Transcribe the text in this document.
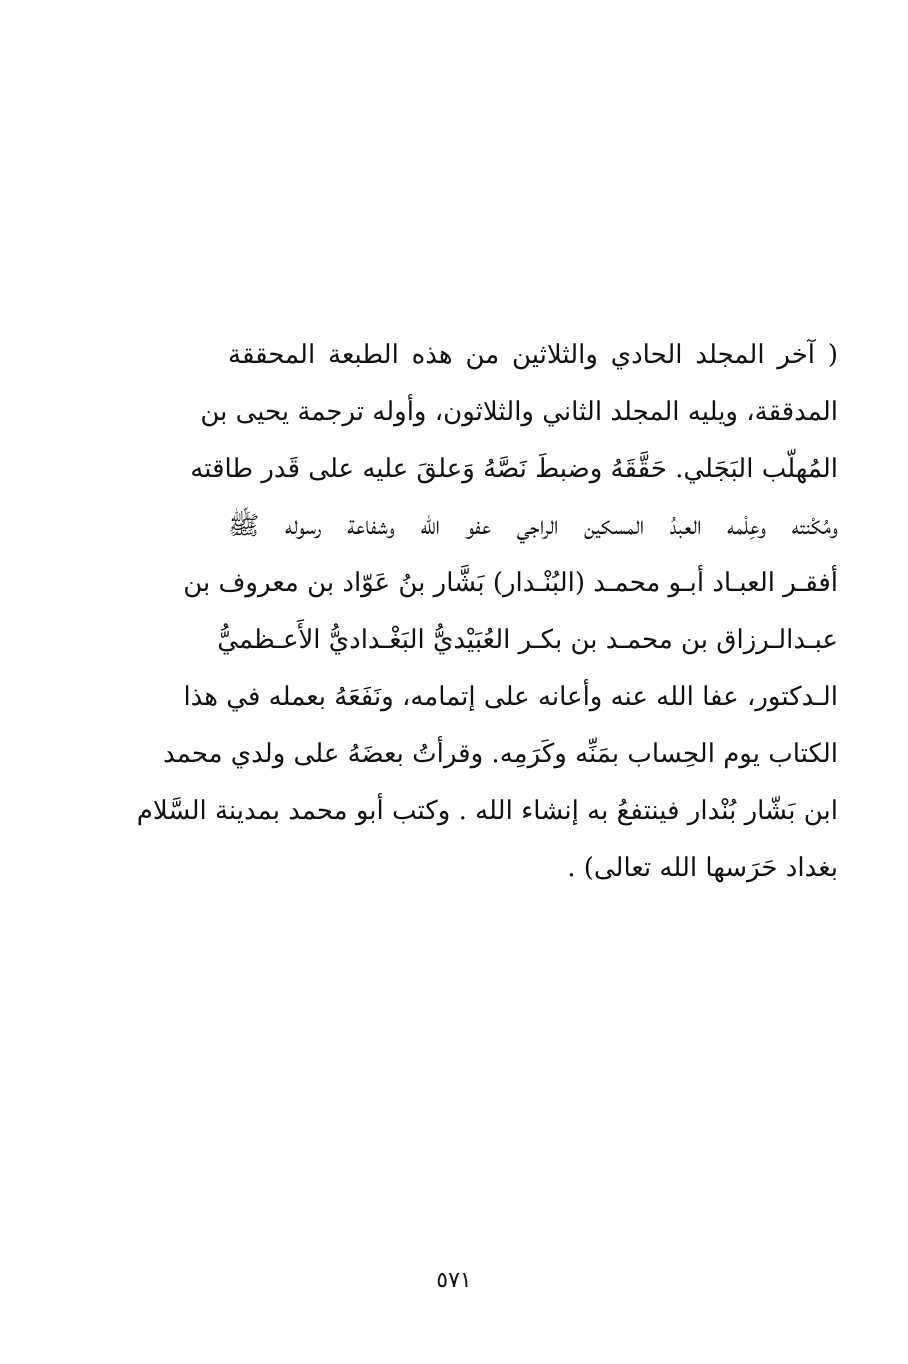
( آخر المجلد الحادي والثلاثين من هذه الطبعة المحققة
المدققة، ويليه المجلد الثاني والثلاثون، وأوله ترجمة يحيى بن
المُهلّب البَجَلي. حَقَّقَهُ وضبطَ نَصَّهُ وَعلقَ عليه على قَدر طاقته
ومُكْنته وعِلْمه العبدُ المسكين الراجي عفو الله وشفاعة رسوله ﷺ
أفقـر العبـاد أبـو محمـد (البُنْـدار) بَشَّار بنُ عَوّاد بن معروف بن
عبـدالـرزاق بن محمـد بن بكـر العُبَيْديُّ البَغْـداديُّ الأَعـظميُّ
الـدكتور، عفا الله عنه وأعانه على إتمامه، ونَفَعَهُ بعمله في هذا
الكتاب يوم الحِساب بمَنِّه وكَرَمِه. وقرأتُ بعضَهُ على ولدي محمد
ابن بَشّار بُنْدار فينتفعُ به إنشاء الله . وكتب أبو محمد بمدينة السَّلام
بغداد حَرَسها الله تعالى) .
٥٧١
